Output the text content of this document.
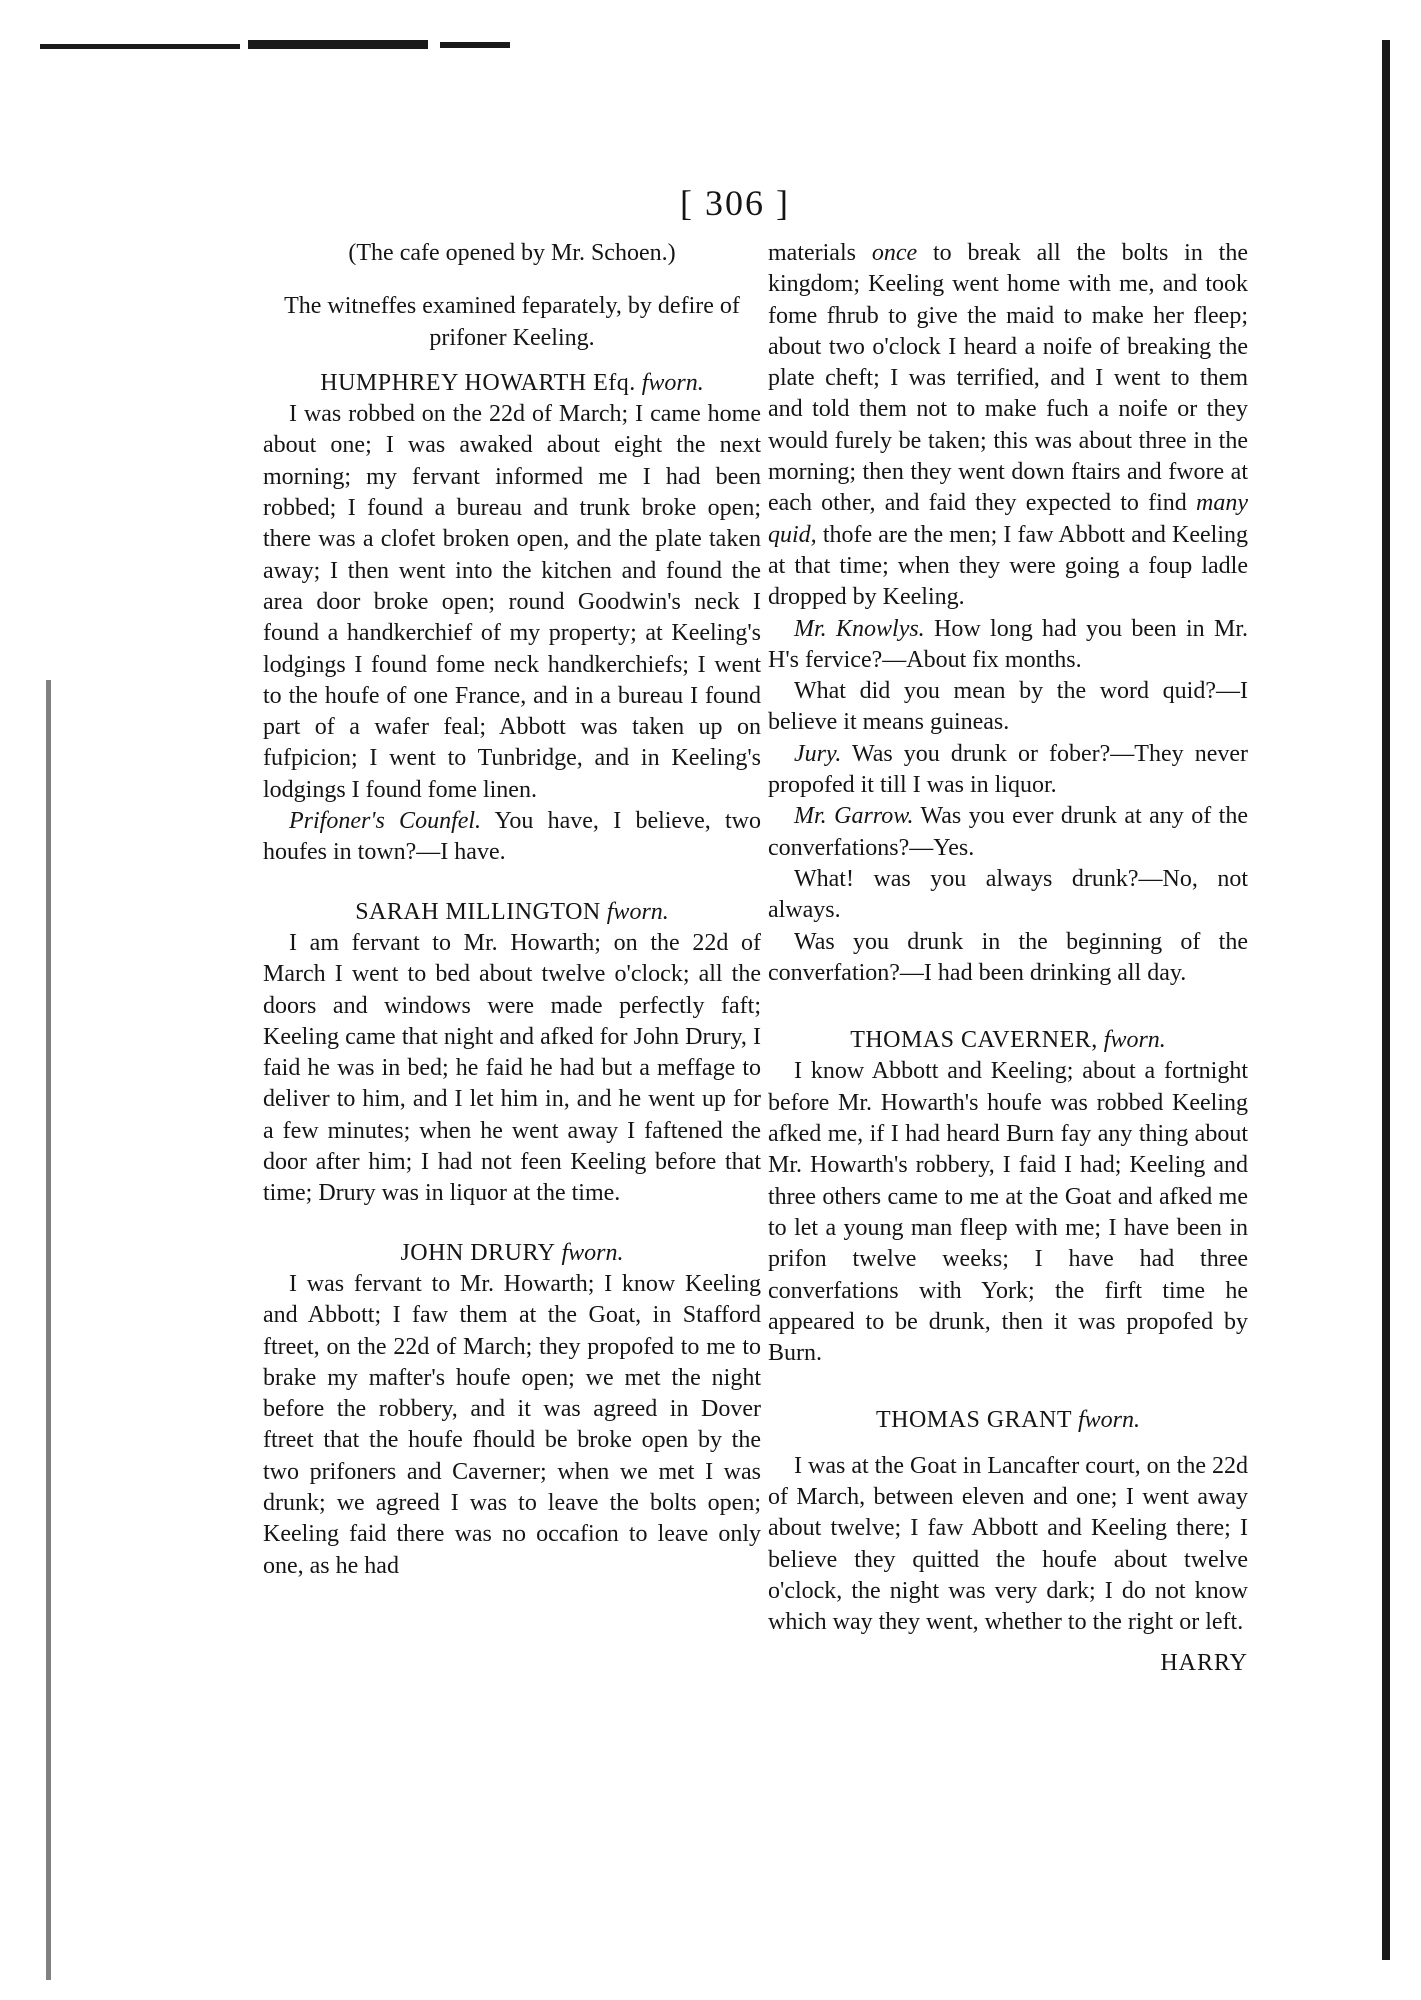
[ 306 ]

(The cafe opened by Mr. Schoen.)

The witneffes examined feparately, by defire of prifoner Keeling.

HUMPHREY HOWARTH Efq. fworn.

I was robbed on the 22d of March; I came home about one; I was awaked about eight the next morning; my fervant informed me I had been robbed; I found a bureau and trunk broke open; there was a clofet broken open, and the plate taken away; I then went into the kitchen and found the area door broke open; round Goodwin's neck I found a handkerchief of my property; at Keeling's lodgings I found fome neck handkerchiefs; I went to the houfe of one France, and in a bureau I found part of a wafer feal; Abbott was taken up on fufpicion; I went to Tunbridge, and in Keeling's lodgings I found fome linen.

Prifoner's Counfel. You have, I believe, two houfes in town?—I have.

SARAH MILLINGTON fworn.

I am fervant to Mr. Howarth; on the 22d of March I went to bed about twelve o'clock; all the doors and windows were made perfectly faft; Keeling came that night and afked for John Drury, I faid he was in bed; he faid he had but a meffage to deliver to him, and I let him in, and he went up for a few minutes; when he went away I faftened the door after him; I had not feen Keeling before that time; Drury was in liquor at the time.

JOHN DRURY fworn.

I was fervant to Mr. Howarth; I know Keeling and Abbott; I faw them at the Goat, in Stafford ftreet, on the 22d of March; they propofed to me to brake my mafter's houfe open; we met the night before the robbery, and it was agreed in Dover ftreet that the houfe fhould be broke open by the two prifoners and Caverner; when we met I was drunk; we agreed I was to leave the bolts open; Keeling faid there was no occafion to leave only one, as he had

materials once to break all the bolts in the kingdom; Keeling went home with me, and took fome fhrub to give the maid to make her fleep; about two o'clock I heard a noife of breaking the plate cheft; I was terrified, and I went to them and told them not to make fuch a noife or they would furely be taken; this was about three in the morning; then they went down ftairs and fwore at each other, and faid they expected to find many quid, thofe are the men; I faw Abbott and Keeling at that time; when they were going a foup ladle dropped by Keeling.

Mr. Knowlys. How long had you been in Mr. H's fervice?—About fix months.

What did you mean by the word quid?—I believe it means guineas.

Jury. Was you drunk or fober?—They never propofed it till I was in liquor.

Mr. Garrow. Was you ever drunk at any of the converfations?—Yes.

What! was you always drunk?—No, not always.

Was you drunk in the beginning of the converfation?—I had been drinking all day.

THOMAS CAVERNER, fworn.

I know Abbott and Keeling; about a fortnight before Mr. Howarth's houfe was robbed Keeling afked me, if I had heard Burn fay any thing about Mr. Howarth's robbery, I faid I had; Keeling and three others came to me at the Goat and afked me to let a young man fleep with me; I have been in prifon twelve weeks; I have had three converfations with York; the firft time he appeared to be drunk, then it was propofed by Burn.

THOMAS GRANT fworn.

I was at the Goat in Lancafter court, on the 22d of March, between eleven and one; I went away about twelve; I faw Abbott and Keeling there; I believe they quitted the houfe about twelve o'clock, the night was very dark; I do not know which way they went, whether to the right or left.

HARRY
